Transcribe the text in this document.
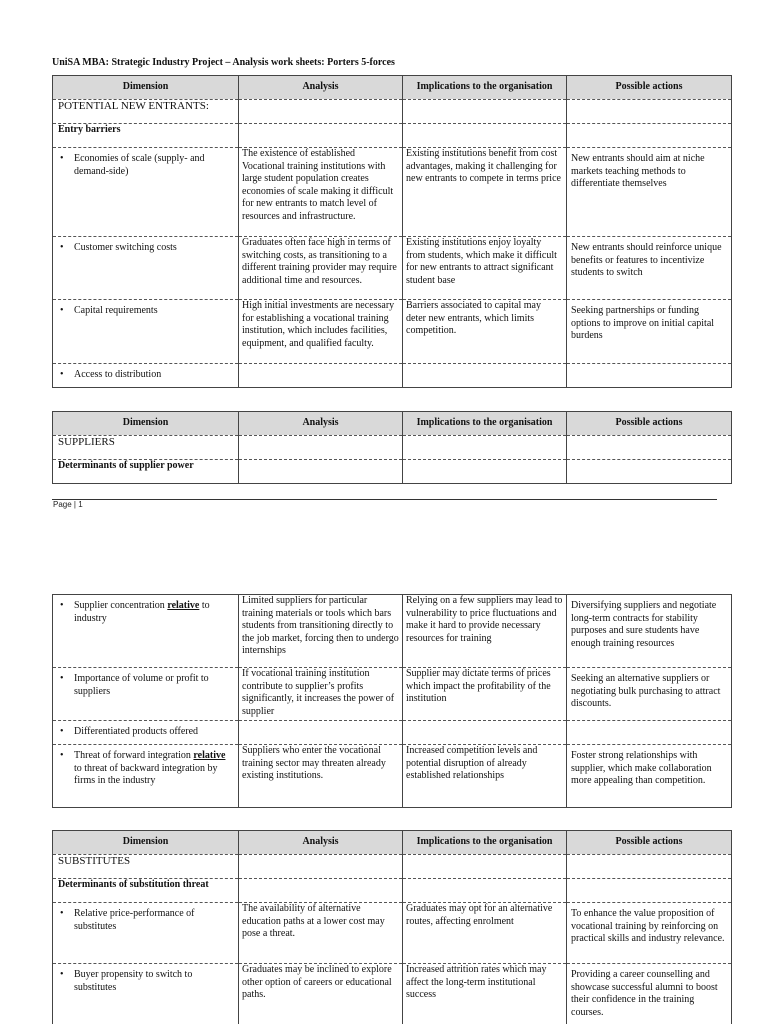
UniSA MBA: Strategic Industry Project – Analysis work sheets: Porters 5-forces
Dimension	Analysis	Implications to the organisation	Possible actions
POTENTIAL NEW ENTRANTS:			
Entry barriers			
• Economies of scale (supply- and demand-side)	The existence of established Vocational training institutions with large student population creates economies of scale making it difficult for new entrants to match level of resources and infrastructure.	Existing institutions benefit from cost advantages, making it challenging for new entrants to compete in terms price	New entrants should aim at niche markets teaching methods to differentiate themselves
• Customer switching costs	Graduates often face high in terms of switching costs, as transitioning to a different training provider may require additional time and resources.	Existing institutions enjoy loyalty from students, which make it difficult for new entrants to attract significant student base	New entrants should reinforce unique benefits or features to incentivize students to switch
• Capital requirements	High initial investments are necessary for establishing a vocational training institution, which includes facilities, equipment, and qualified faculty.	Barriers associated to capital may deter new entrants, which limits competition.	Seeking partnerships or funding options to improve on initial capital burdens
• Access to distribution			
Dimension	Analysis	Implications to the organisation	Possible actions
SUPPLIERS			
Determinants of supplier power			
Page | 1
• Supplier concentration relative to industry	Limited suppliers for particular training materials or tools which bars students from transitioning directly to the job market, forcing then to undergo internships	Relying on a few suppliers may lead to vulnerability to price fluctuations and make it hard to provide necessary resources for training	Diversifying suppliers and negotiate long-term contracts for stability purposes and sure students have enough training resources
• Importance of volume or profit to suppliers	If vocational training institution contribute to supplier’s profits significantly, it increases the power of supplier	Supplier may dictate terms of prices which impact the profitability of the institution	Seeking an alternative suppliers or negotiating bulk purchasing to attract discounts.
• Differentiated products offered			
• Threat of forward integration relative to threat of backward integration by firms in the industry	Suppliers who enter the vocational training sector may threaten already existing institutions.	Increased competition levels and potential disruption of already established relationships	Foster strong relationships with supplier, which make collaboration more appealing than competition.
Dimension	Analysis	Implications to the organisation	Possible actions
SUBSTITUTES			
Determinants of substitution threat			
• Relative price-performance of substitutes	The availability of alternative education paths at a lower cost may pose a threat.	Graduates may opt for an alternative routes, affecting enrolment	To enhance the value proposition of vocational training by reinforcing on practical skills and industry relevance.
• Buyer propensity to switch to substitutes	Graduates may be inclined to explore other option of careers or educational paths.	Increased attrition rates which may affect the long-term institutional success	Providing a career counselling and showcase successful alumni to boost their confidence in the training courses.
